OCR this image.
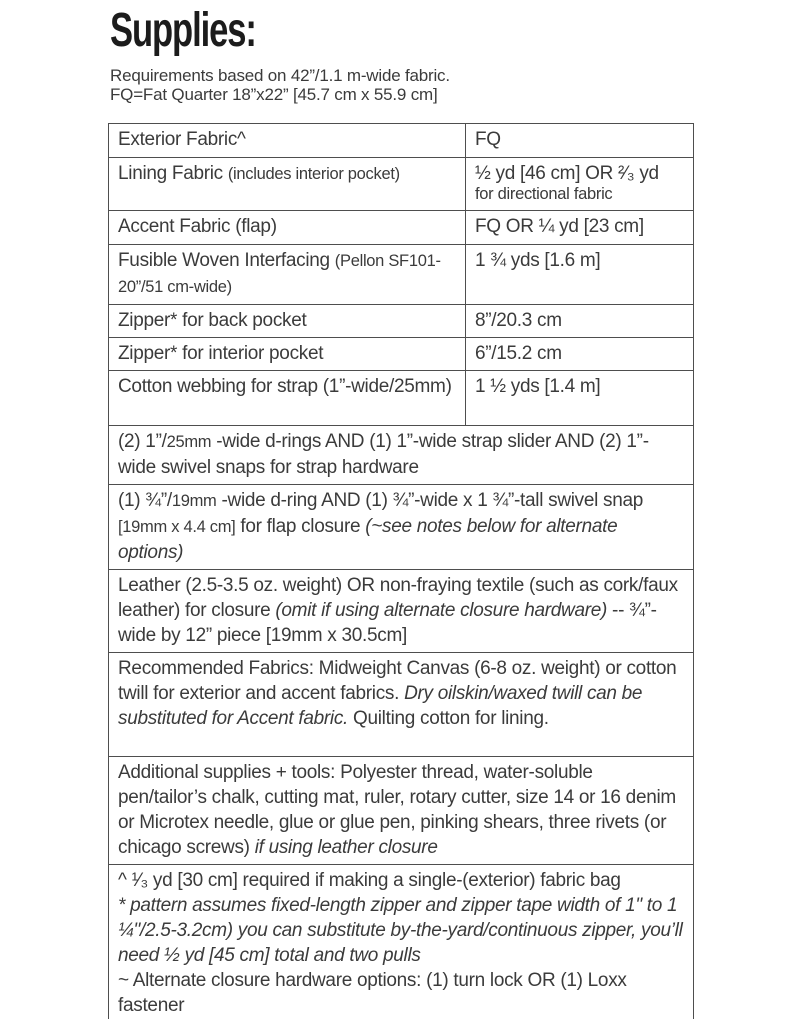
Supplies:
Requirements based on 42”/1.1 m-wide fabric.
FQ=Fat Quarter 18”x22” [45.7 cm x 55.9 cm]
Exterior Fabric^	FQ
Lining Fabric (includes interior pocket)	½ yd [46 cm] OR ²⁄₃ yd
for directional fabric

Accent Fabric (flap)	FQ OR ¼ yd [23 cm]
Fusible Woven Interfacing (Pellon SF101-20”/51 cm-wide)	1 ¾ yds [1.6 m]
Zipper* for back pocket	8”/20.3 cm
Zipper* for interior pocket	6”/15.2 cm
Cotton webbing for strap (1”-wide/25mm)	1 ½ yds [1.4 m]
(2) 1”/25mm -wide d-rings AND (1) 1”-wide strap slider AND (2) 1”-wide swivel snaps for strap hardware	
(1) ¾”/19mm -wide d-ring AND (1) ¾”-wide x 1 ¾”-tall swivel snap [19mm x 4.4 cm] for flap closure (~see notes below for alternate options)	
Leather (2.5-3.5 oz. weight) OR non-fraying textile (such as cork/faux leather) for closure (omit if using alternate closure hardware) -- ¾”-wide by 12” piece [19mm x 30.5cm]	
Recommended Fabrics: Midweight Canvas (6-8 oz. weight) or cotton twill for exterior and accent fabrics. Dry oilskin/waxed twill can be substituted for Accent fabric. Quilting cotton for lining.	
Additional supplies + tools: Polyester thread, water-soluble pen/tailor’s chalk, cutting mat, ruler, rotary cutter, size 14 or 16 denim or Microtex needle, glue or glue pen, pinking shears, three rivets (or chicago screws) if using leather closure	

^ ¹⁄₃ yd [30 cm] required if making a single-(exterior) fabric bag
* pattern assumes fixed-length zipper and zipper tape width of 1" to 1 ¼"/2.5-3.2cm) you can substitute by-the-yard/continuous zipper, you’ll need ½ yd [45 cm] total and two pulls
~ Alternate closure hardware options: (1) turn lock OR (1) Loxx fastener	
